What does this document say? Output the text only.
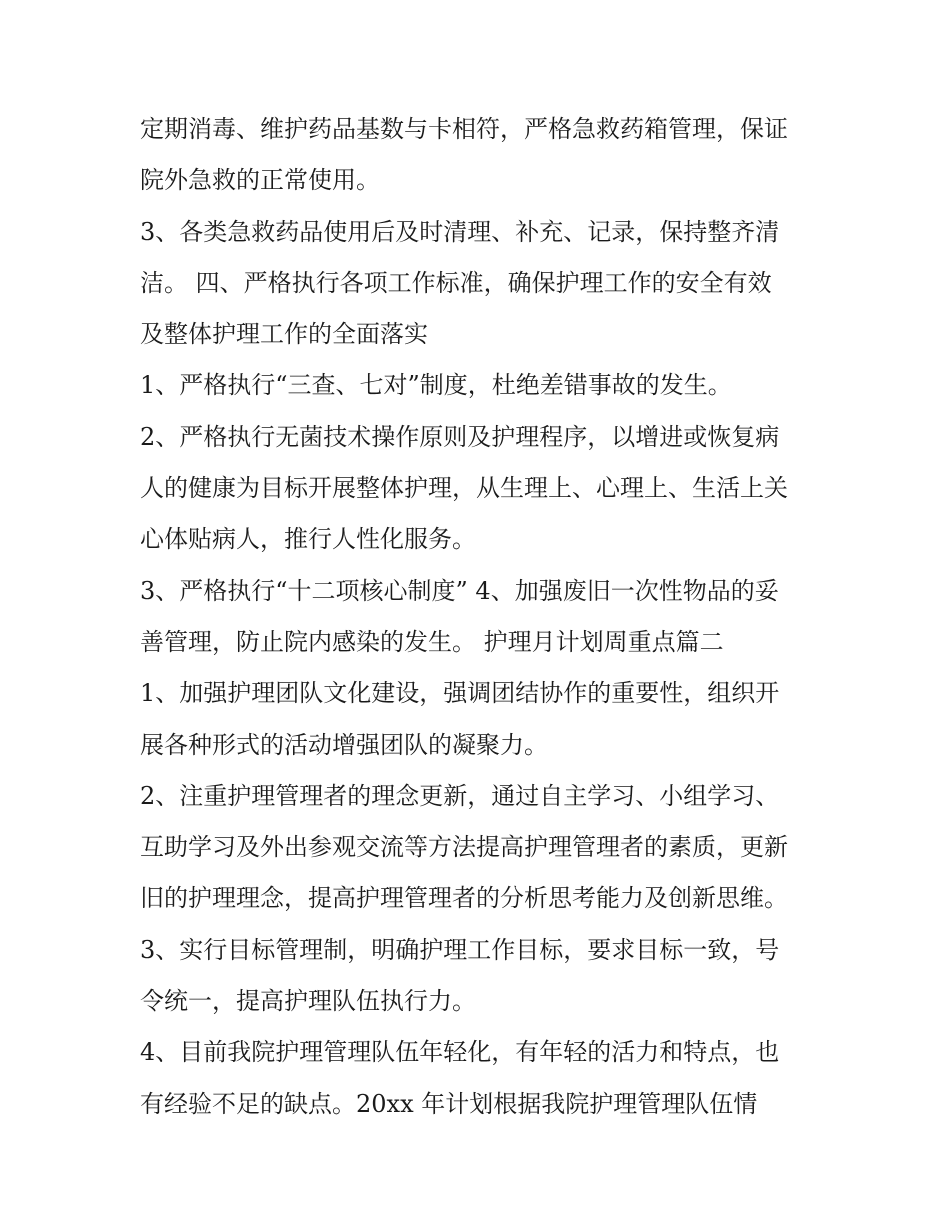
定期消毒、维护药品基数与卡相符，严格急救药箱管理，保证
院外急救的正常使用。
3、各类急救药品使用后及时清理、补充、记录，保持整齐清
洁。 四、严格执行各项工作标准，确保护理工作的安全有效
及整体护理工作的全面落实
1、严格执行“三查、七对”制度，杜绝差错事故的发生。
2、严格执行无菌技术操作原则及护理程序，以增进或恢复病
人的健康为目标开展整体护理，从生理上、心理上、生活上关
心体贴病人，推行人性化服务。
3、严格执行“十二项核心制度” 4、加强废旧一次性物品的妥
善管理，防止院内感染的发生。 护理月计划周重点篇二
1、加强护理团队文化建设，强调团结协作的重要性，组织开
展各种形式的活动增强团队的凝聚力。
2、注重护理管理者的理念更新，通过自主学习、小组学习、
互助学习及外出参观交流等方法提高护理管理者的素质，更新
旧的护理理念，提高护理管理者的分析思考能力及创新思维。
3、实行目标管理制，明确护理工作目标，要求目标一致，号
令统一，提高护理队伍执行力。
4、目前我院护理管理队伍年轻化，有年轻的活力和特点，也
有经验不足的缺点。20xx 年计划根据我院护理管理队伍情
